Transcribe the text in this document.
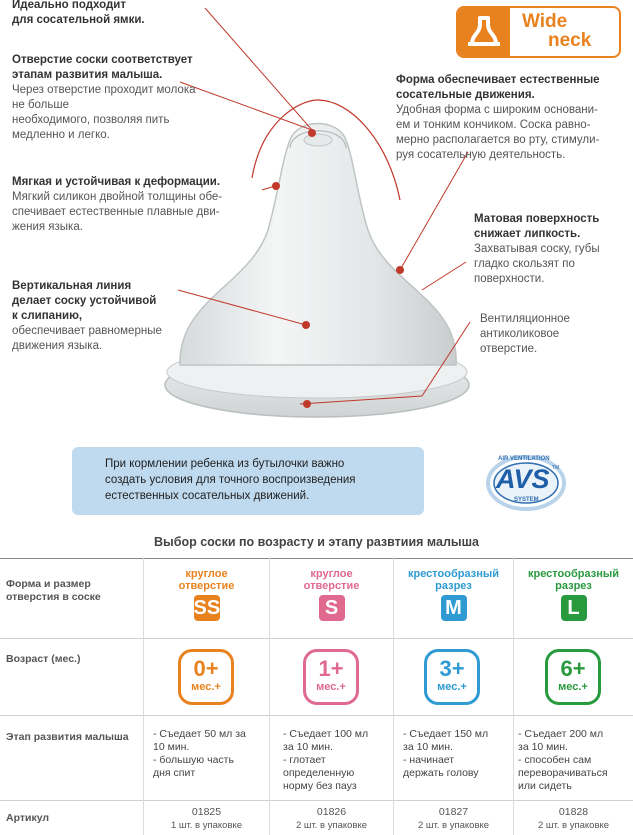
Идеально подходит
для сосательной ямки.
Отверстие соски соответствует
этапам развития малыша.
Через отверстие проходит молока
не больше
необходимого, позволяя пить
медленно и легко.
Мягкая и устойчивая к деформации.
Мягкий силикон двойной толщины обе-
спечивает естественные плавные дви-
жения языка.
Вертикальная линия
делает соску устойчивой
к слипанию,
обеспечивает равномерные
движения языка.
Форма обеспечивает естественные
сосательные движения.
Удобная форма с широким основани-
ем и тонким кончиком. Соска равно-
мерно располагается во рту, стимули-
руя сосательную деятельность.
Матовая поверхность
снижает липкость.
Захватывая соску, губы
гладко скользят по
поверхности.
Вентиляционное
антиколиковое
отверстие.
Wide
neck
При кормлении ребенка из бутылочки важно
создать условия для точного воспроизведения
естественных сосательных движений.
AIR VENTILATION
AVS TM
SYSTEM
Выбор соски по возрасту и этапу развтиия малыша
Форма и размер
отверстия в соске
Возраст (мес.)
Этап развития малыша
Артикул
круглое
отверстие
SS
0+
мес.+
- Съедает 50 мл за
10 мин.
- большую часть
дня спит
01825
1 шт. в упаковке
круглое
отверстие
S
1+
мес.+
- Съедает 100 мл
за 10 мин.
- глотает
определенную
норму без пауз
01826
2 шт. в упаковке
крестообразный
разрез
M
3+
мес.+
- Съедает 150 мл
за 10 мин.
- начинает
держать голову
01827
2 шт. в упаковке
крестообразный
разрез
L
6+
мес.+
- Съедает 200 мл
за 10 мин.
- способен сам
переворачиваться
или сидеть
01828
2 шт. в упаковке
